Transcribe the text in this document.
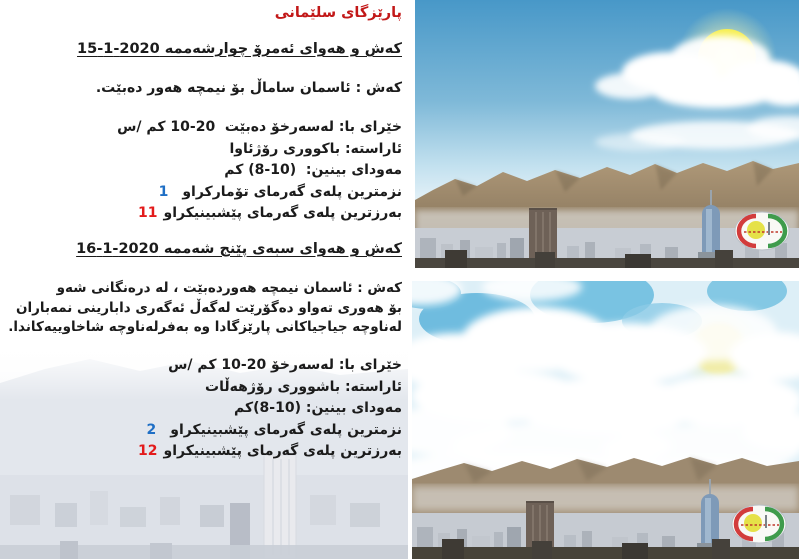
پارێزگای سلێمانی
کەش و هەوای ئەمرۆ چوارشەممە 2020-1-15
کەش : ئاسمان ساماڵ بۆ نیمچە هەور دەبێت.
خێرای با: لەسەرخۆ دەبێت  20-10 کم /س
ئاراستە: باکووری رۆژئاوا
مەودای بینین:  (10-8) کم
نزمترین پلەی گەرمای تۆمارکراو1
بەرزترین پلەی گەرمای پێشبینیکراو11
کەش و هەوای سبەی پێنج شەممە 2020-1-16
کەش : ئاسمان نیمچە هەوردەبێت ، لە درەنگانی شەو
بۆ هەوری تەواو دەگۆرێت لەگەڵ ئەگەری دابارینی نمەباران
لەناوچە جیاجیاکانی پارێزگادا وە بەفرلەناوچە شاخاوییەکاندا.
خێرای با: لەسەرخۆ 20-10 کم /س
ئاراستە: باشووری رۆژهەڵات
مەودای بینین: (10-8)کم
نزمترین پلەی گەرمای پێشبینیکراو2
بەرزترین پلەی گەرمای پێشبینیکراو12
